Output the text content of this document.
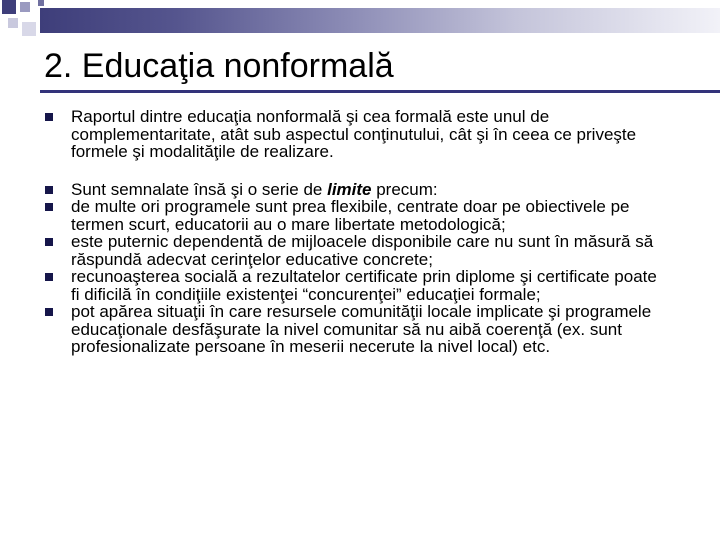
2. Educaţia nonformală
Raportul dintre educaţia nonformală şi cea formală este unul de complementaritate, atât sub aspectul conţinutului, cât şi în ceea ce priveşte formele şi modalităţile de realizare.
Sunt semnalate însă şi o serie de limite precum:
de multe ori programele sunt prea flexibile, centrate doar pe obiectivele pe termen scurt, educatorii au o mare libertate metodologică;
este puternic dependentă de mijloacele disponibile care nu sunt în măsură să răspundă adecvat cerinţelor educative concrete;
recunoaşterea socială a rezultatelor certificate prin diplome şi certificate poate fi dificilă în condiţiile existenţei “concurenţei” educaţiei formale;
pot apărea situaţii în care resursele comunităţii locale implicate şi programele educaţionale desfăşurate la nivel comunitar să nu aibă coerenţă (ex. sunt profesionalizate persoane în meserii necerute la nivel local) etc.
